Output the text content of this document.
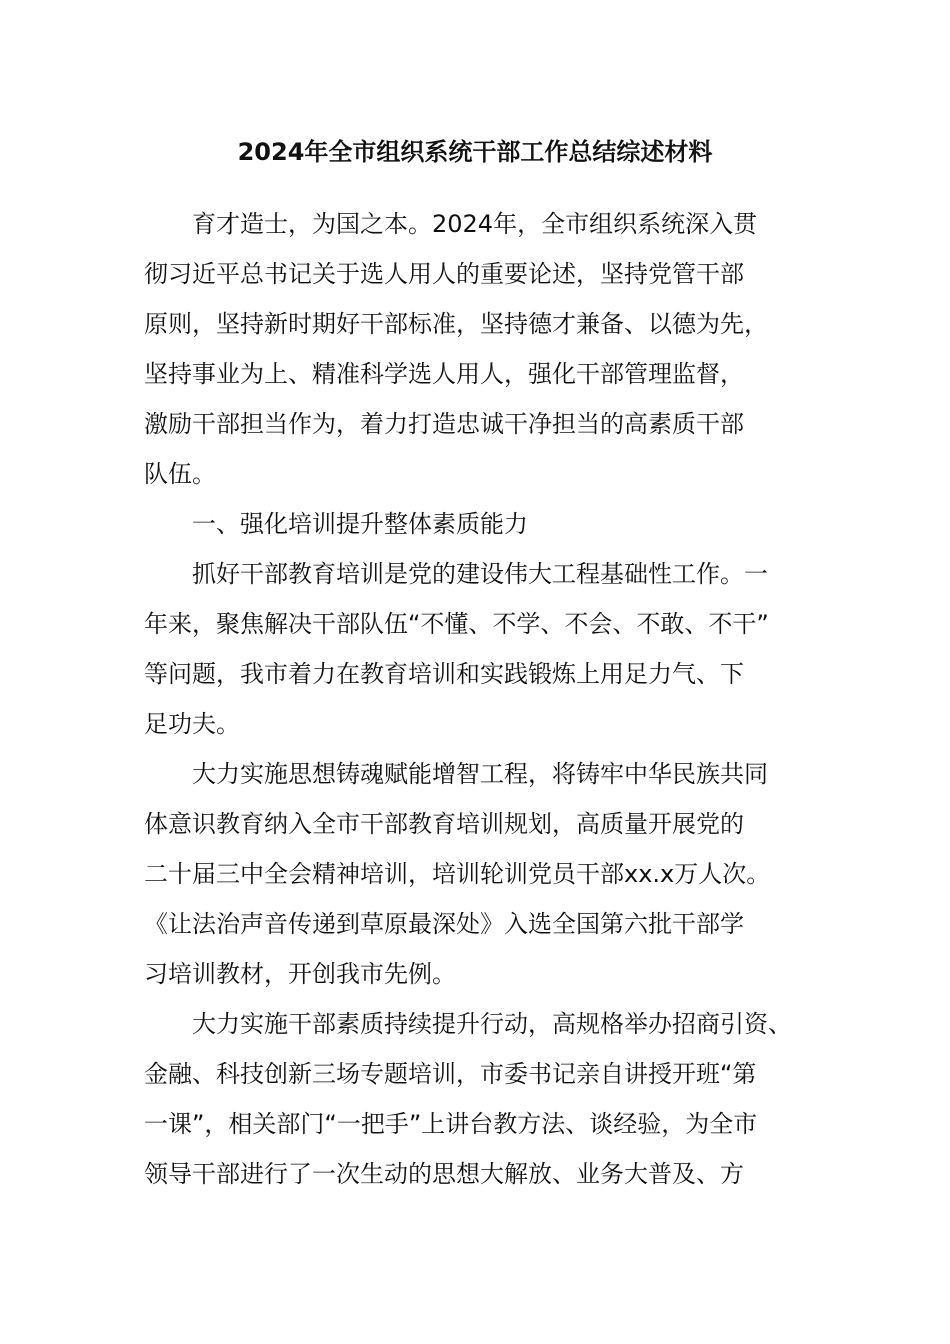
2024年全市组织系统干部工作总结综述材料
　　育才造士，为国之本。2024年，全市组织系统深入贯
彻习近平总书记关于选人用人的重要论述，坚持党管干部
原则，坚持新时期好干部标准，坚持德才兼备、以德为先，
坚持事业为上、精准科学选人用人，强化干部管理监督，
激励干部担当作为，着力打造忠诚干净担当的高素质干部
队伍。
　　一、强化培训提升整体素质能力
　　抓好干部教育培训是党的建设伟大工程基础性工作。一
年来，聚焦解决干部队伍“不懂、不学、不会、不敢、不干”
等问题，我市着力在教育培训和实践锻炼上用足力气、下
足功夫。
　　大力实施思想铸魂赋能增智工程，将铸牢中华民族共同
体意识教育纳入全市干部教育培训规划，高质量开展党的
二十届三中全会精神培训，培训轮训党员干部xx.x万人次。
《让法治声音传递到草原最深处》入选全国第六批干部学
习培训教材，开创我市先例。
　　大力实施干部素质持续提升行动，高规格举办招商引资、
金融、科技创新三场专题培训，市委书记亲自讲授开班“第
一课”，相关部门“一把手”上讲台教方法、谈经验，为全市
领导干部进行了一次生动的思想大解放、业务大普及、方
